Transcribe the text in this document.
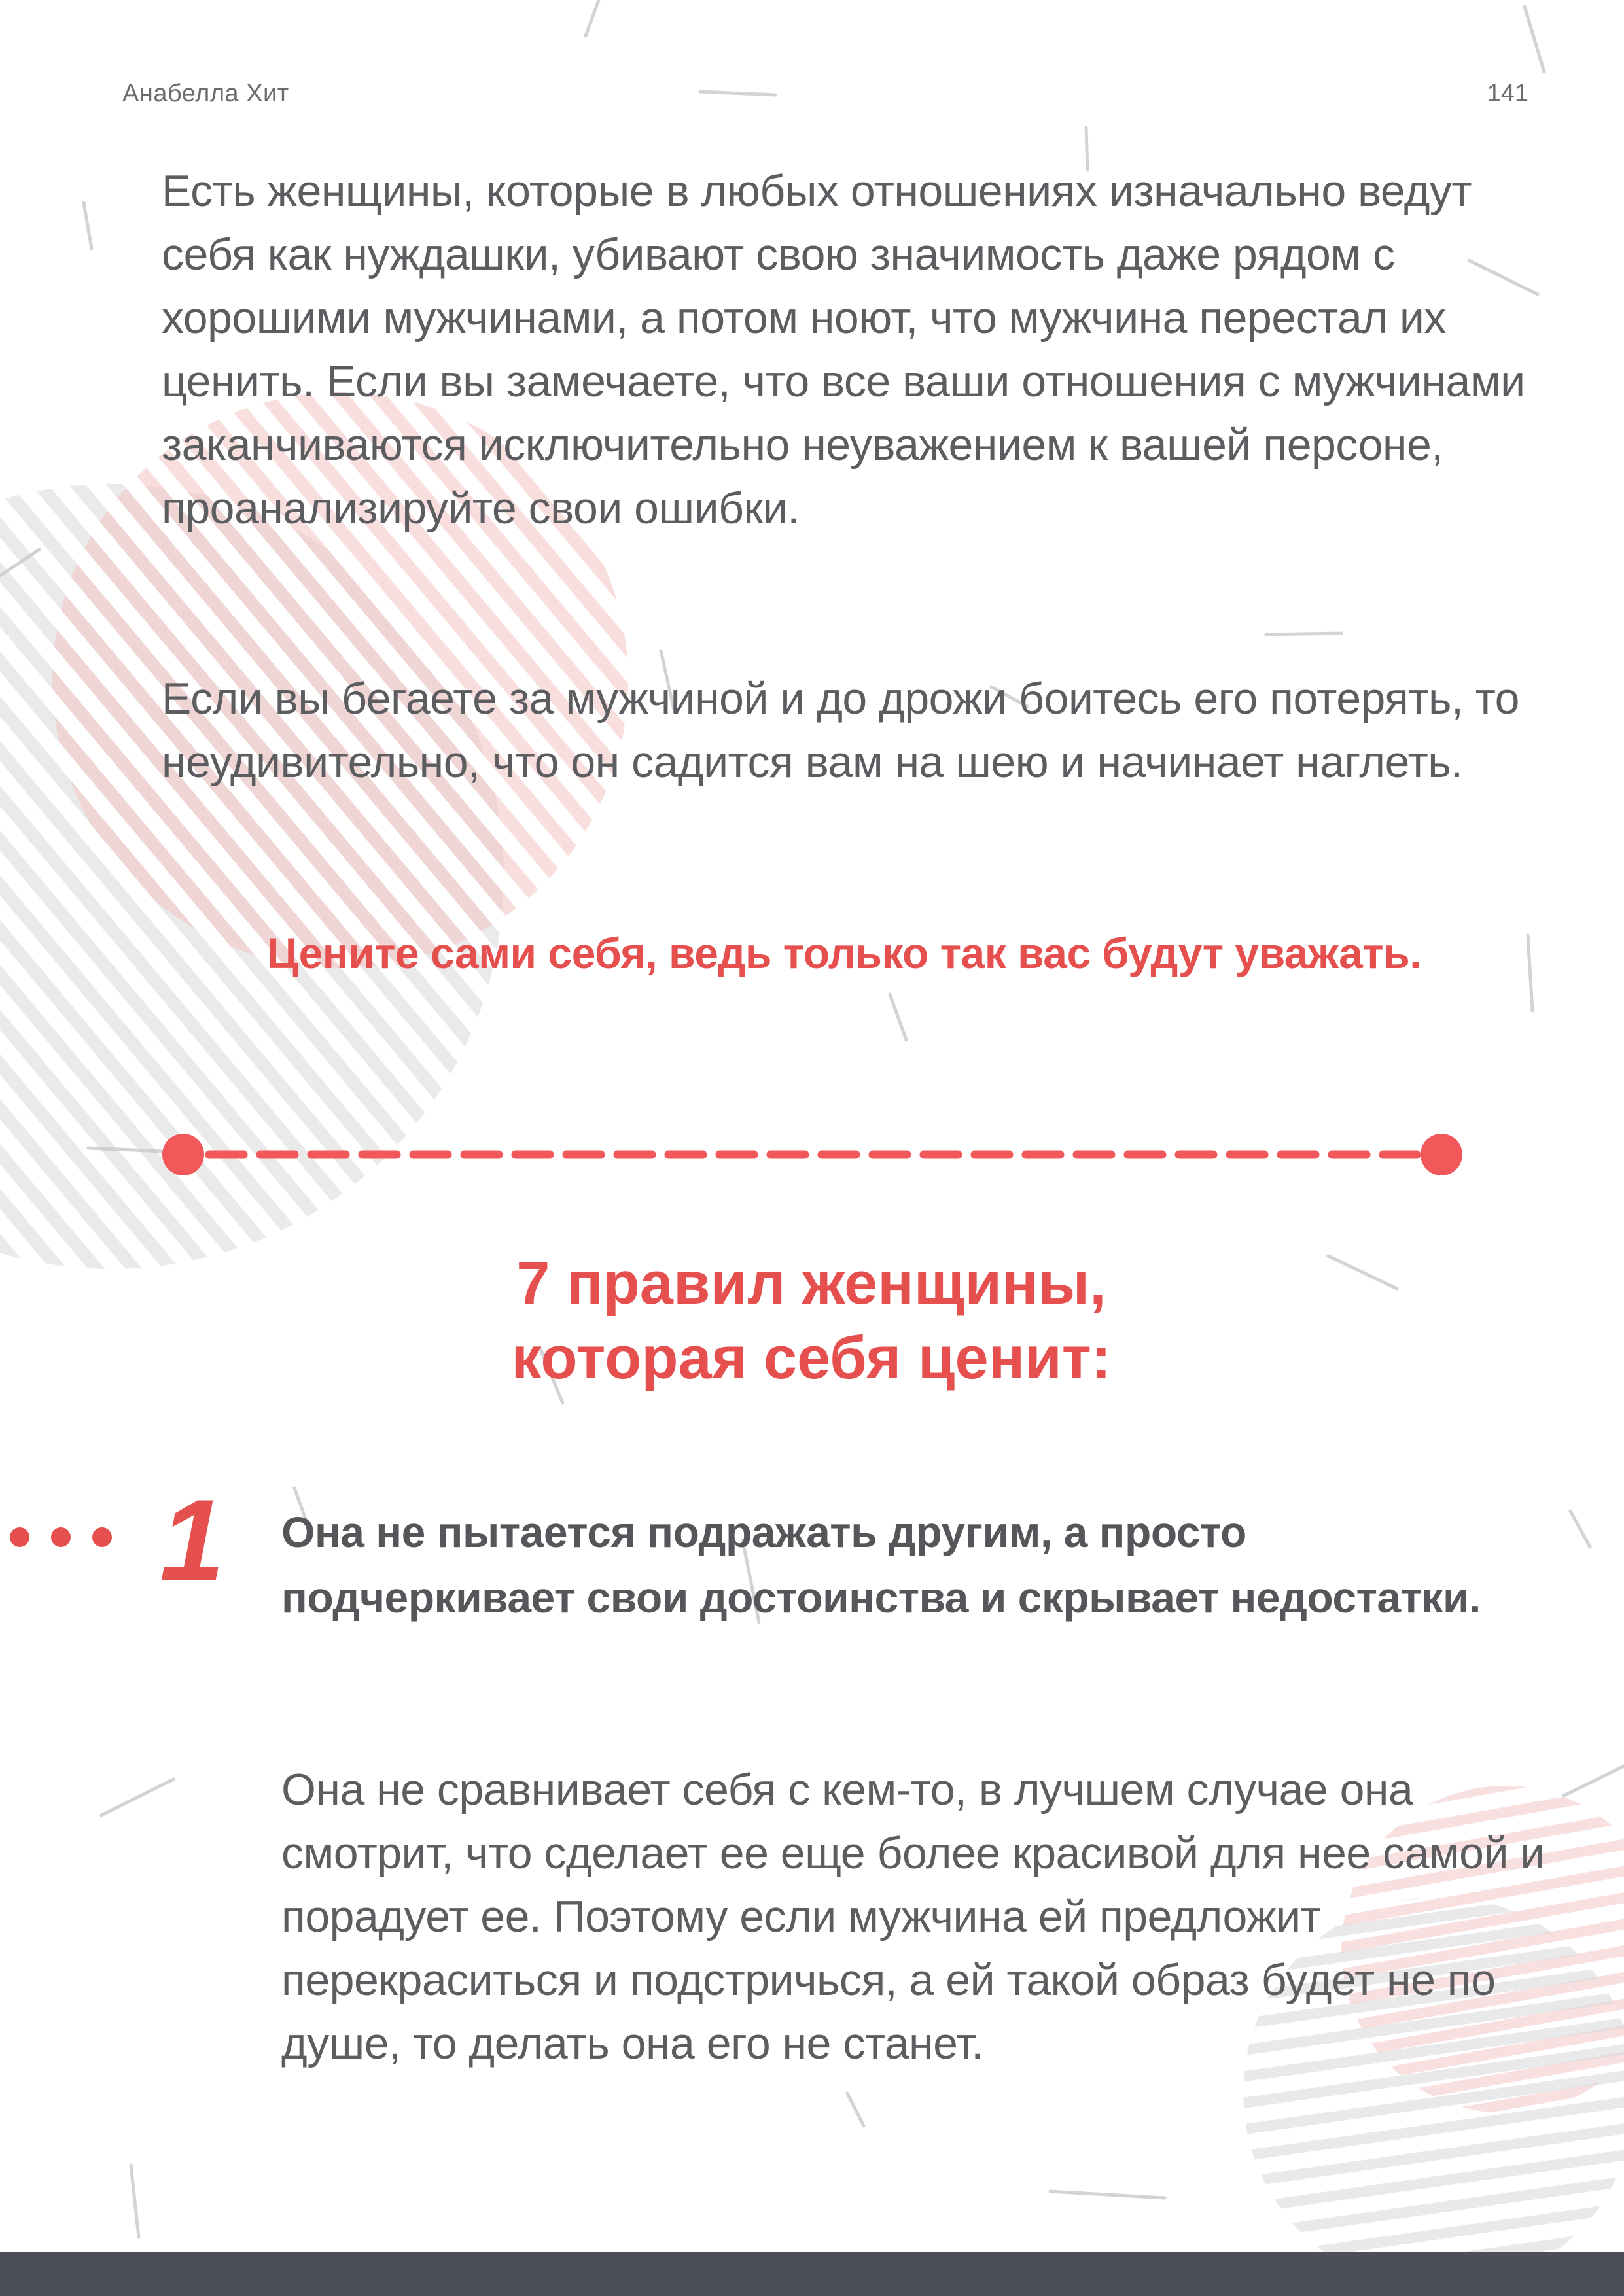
Анабелла Хит	141

Есть женщины, которые в любых отношениях изначально ведут себя как нуждашки, убивают свою значимость даже рядом с хорошими мужчинами, а потом ноют, что мужчина перестал их ценить. Если вы замечаете, что все ваши отношения с мужчинами заканчиваются исключительно неуважением к вашей персоне, проанализируйте свои ошибки.

Если вы бегаете за мужчиной и до дрожи боитесь его потерять, то неудивительно, что он садится вам на шею и начинает наглеть.

Цените сами себя, ведь только так вас будут уважать.

7 правил женщины,
которая себя ценит:
1 Она не пытается подражать другим, а просто подчеркивает свои достоинства и скрывает недостатки.

Она не сравнивает себя с кем-то, в лучшем случае она смотрит, что сделает ее еще более красивой для нее самой и порадует ее. Поэтому если мужчина ей предложит перекраситься и подстричься, а ей такой образ будет не по душе, то делать она его не станет.
